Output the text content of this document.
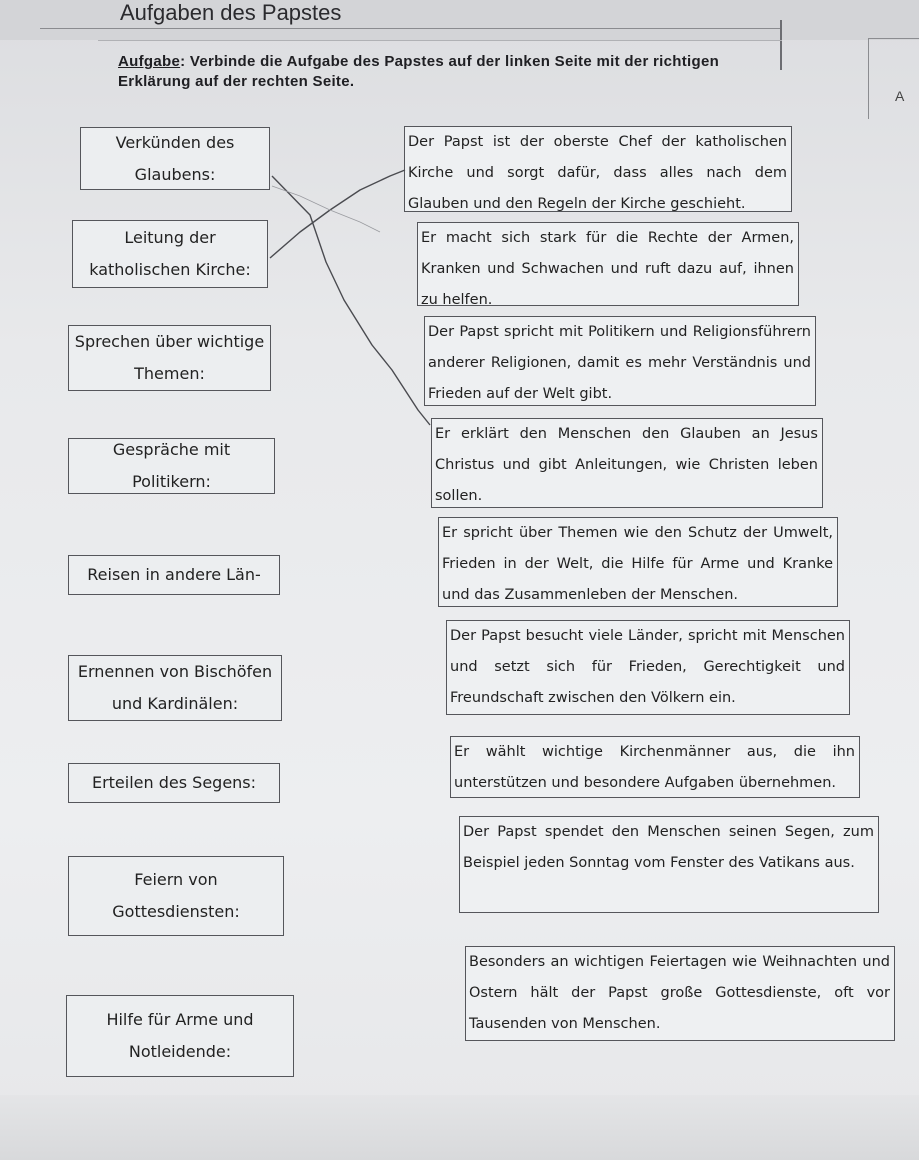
Aufgaben des Papstes
A
Aufgabe: Verbinde die Aufgabe des Papstes auf der linken Seite mit der richtigen Erklärung auf der rechten Seite.
Verkünden des Glaubens:
Leitung der katholischen Kirche:
Sprechen über wichtige Themen:
Gespräche mit Politikern:
Reisen in andere Län-
Ernennen von Bischöfen und Kardinälen:
Erteilen des Segens:
Feiern von Gottesdiensten:
Hilfe für Arme und Notleidende:
Der Papst ist der oberste Chef der katholischen Kirche und sorgt dafür, dass alles nach dem Glauben und den Regeln der Kirche geschieht.
Er macht sich stark für die Rechte der Armen, Kranken und Schwachen und ruft dazu auf, ihnen zu helfen.
Der Papst spricht mit Politikern und Religionsführern anderer Religionen, damit es mehr Verständnis und Frieden auf der Welt gibt.
Er erklärt den Menschen den Glauben an Jesus Christus und gibt Anleitungen, wie Christen leben sollen.
Er spricht über Themen wie den Schutz der Umwelt, Frieden in der Welt, die Hilfe für Arme und Kranke und das Zusammenleben der Menschen.
Der Papst besucht viele Länder, spricht mit Menschen und setzt sich für Frieden, Gerechtigkeit und Freundschaft zwischen den Völkern ein.
Er wählt wichtige Kirchenmänner aus, die ihn unterstützen und besondere Aufgaben übernehmen.
Der Papst spendet den Menschen seinen Segen, zum Beispiel jeden Sonntag vom Fenster des Vatikans aus.
Besonders an wichtigen Feiertagen wie Weihnachten und Ostern hält der Papst große Gottesdienste, oft vor Tausenden von Menschen.
